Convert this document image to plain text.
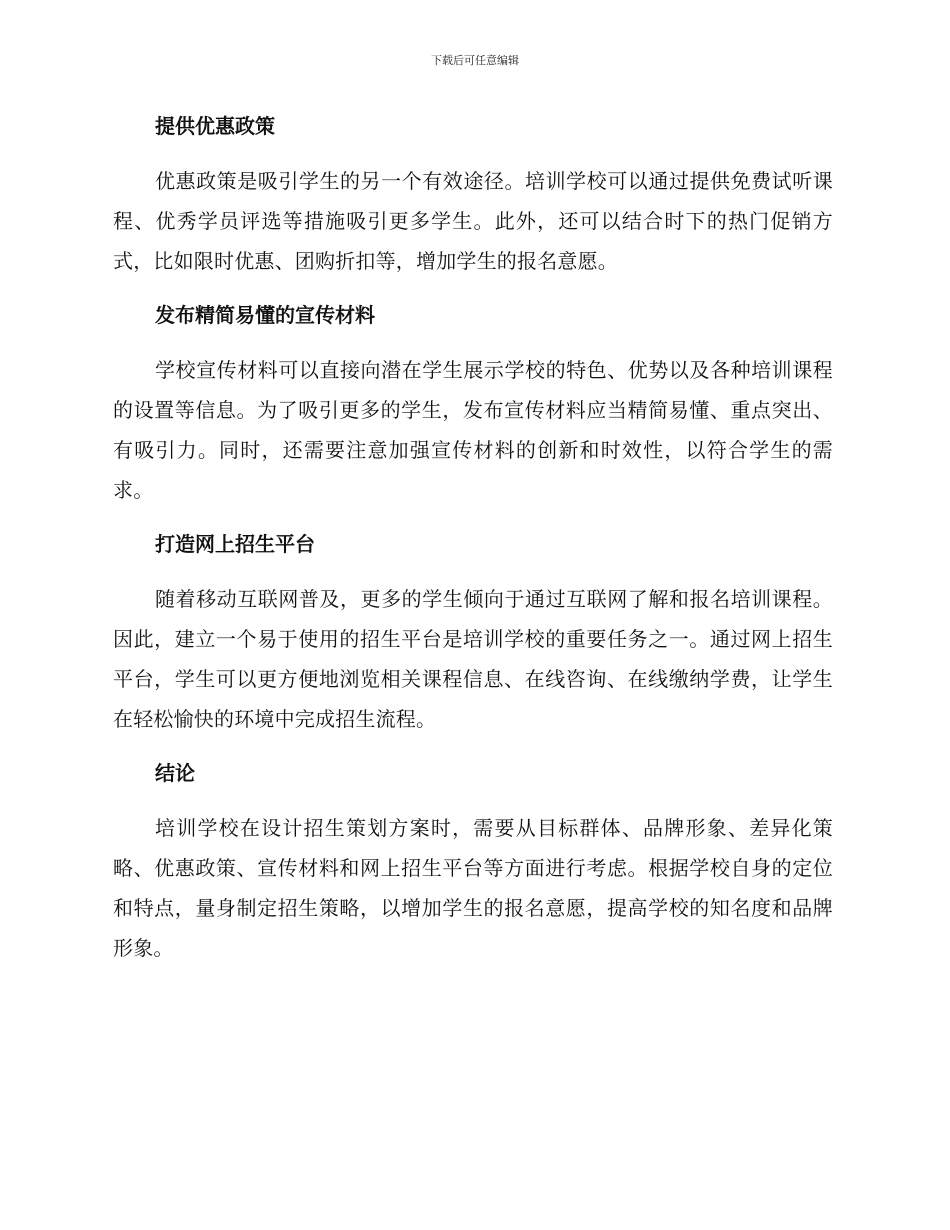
下载后可任意编辑
提供优惠政策

优惠政策是吸引学生的另一个有效途径。培训学校可以通过提供免费试听课程、优秀学员评选等措施吸引更多学生。此外，还可以结合时下的热门促销方式，比如限时优惠、团购折扣等，增加学生的报名意愿。

发布精简易懂的宣传材料

学校宣传材料可以直接向潜在学生展示学校的特色、优势以及各种培训课程的设置等信息。为了吸引更多的学生，发布宣传材料应当精简易懂、重点突出、有吸引力。同时，还需要注意加强宣传材料的创新和时效性，以符合学生的需求。

打造网上招生平台

随着移动互联网普及，更多的学生倾向于通过互联网了解和报名培训课程。因此，建立一个易于使用的招生平台是培训学校的重要任务之一。通过网上招生平台，学生可以更方便地浏览相关课程信息、在线咨询、在线缴纳学费，让学生在轻松愉快的环境中完成招生流程。

结论

培训学校在设计招生策划方案时，需要从目标群体、品牌形象、差异化策略、优惠政策、宣传材料和网上招生平台等方面进行考虑。根据学校自身的定位和特点，量身制定招生策略，以增加学生的报名意愿，提高学校的知名度和品牌形象。
